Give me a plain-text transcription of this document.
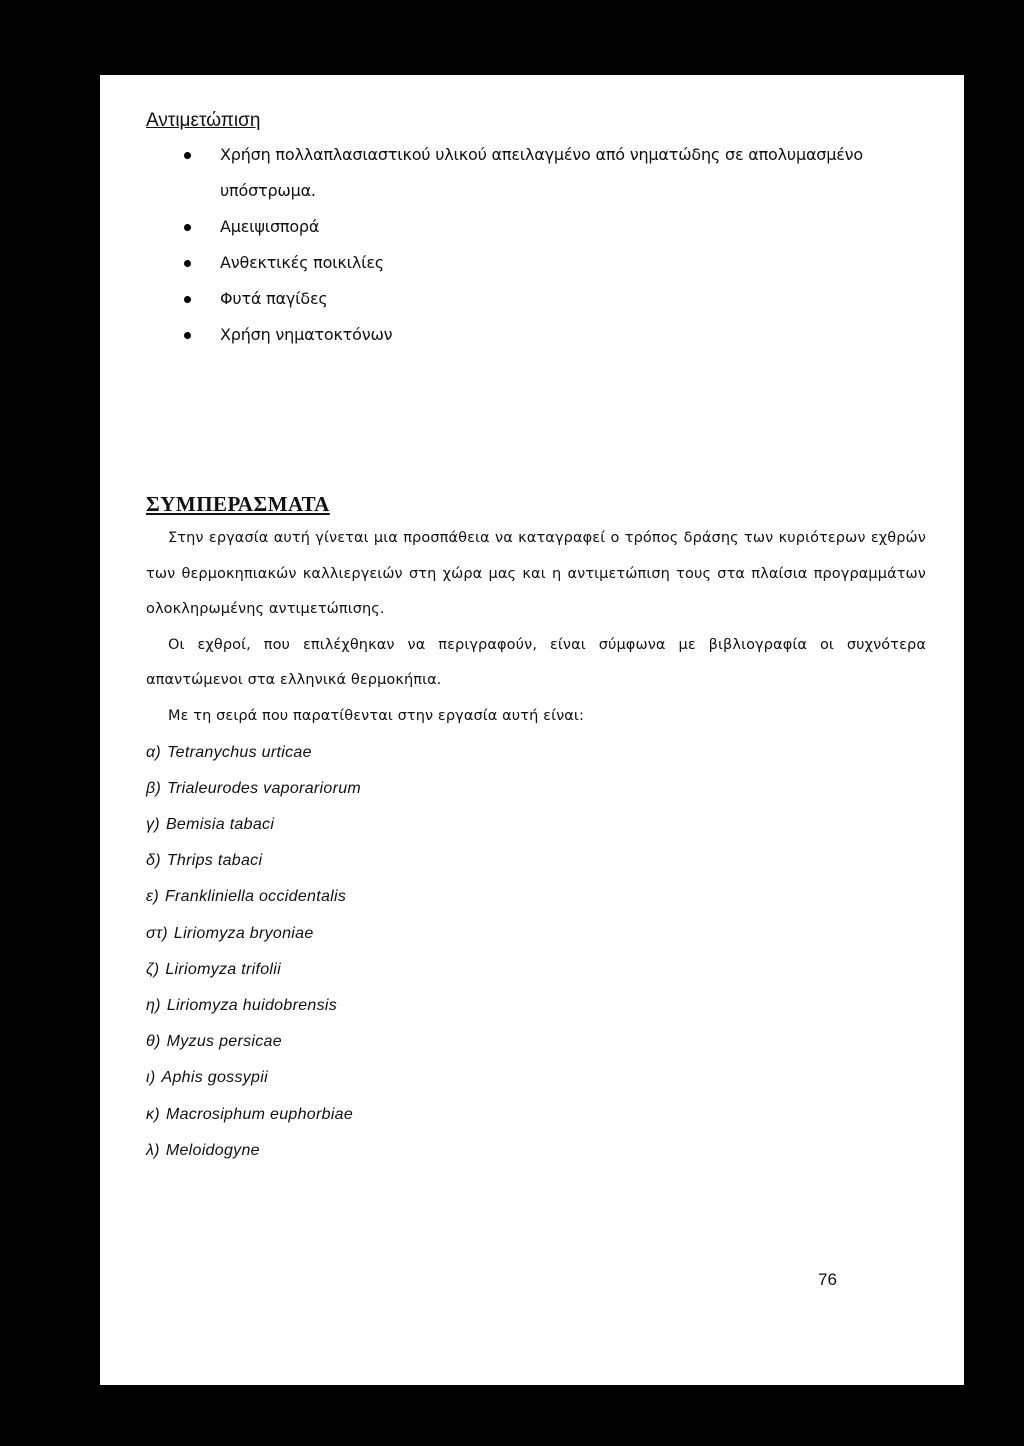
Αντιμετώπιση
Χρήση πολλαπλασιαστικού υλικού απειλαγμένο από νηματώδης σε απολυμασμένο υπόστρωμα.
Αμειψισπορά
Ανθεκτικές ποικιλίες
Φυτά παγίδες
Χρήση νηματοκτόνων
ΣΥΜΠΕΡΑΣΜΑΤΑ

Στην εργασία αυτή γίνεται μια προσπάθεια να καταγραφεί ο τρόπος δράσης των κυριότερων εχθρών των θερμοκηπιακών καλλιεργειών στη χώρα μας και η αντιμετώπιση τους στα πλαίσια προγραμμάτων ολοκληρωμένης αντιμετώπισης.

Οι εχθροί, που επιλέχθηκαν να περιγραφούν, είναι σύμφωνα με βιβλιογραφία οι συχνότερα απαντώμενοι στα ελληνικά θερμοκήπια.

Με τη σειρά που παρατίθενται στην εργασία αυτή είναι:

α) Tetranychus urticae
β) Trialeurodes vaporariorum
γ) Bemisia tabaci
δ) Thrips tabaci
ε) Frankliniella occidentalis
στ) Liriomyza bryoniae
ζ) Liriomyza trifolii
η) Liriomyza huidobrensis
θ) Myzus persicae
ι) Aphis gossypii
κ) Macrosiphum euphorbiae
λ) Meloidogyne
76
